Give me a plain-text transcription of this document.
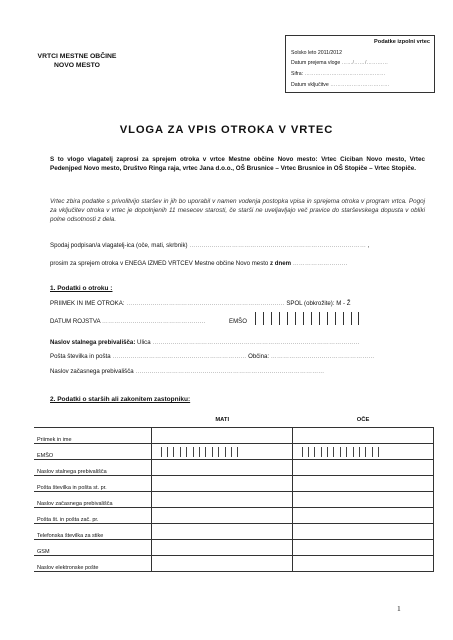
VRTCI MESTNE OBČINE
NOVO MESTO
Podatke izpolni vrtec
Šolsko leto 2011/2012
Datum prejema vloge ……/……/…………
Šifra: ………………………………………
Datum vključitve ……………………………
VLOGA ZA VPIS OTROKA V VRTEC
S to vlogo vlagatelj zaprosi za sprejem otroka v vrtce Mestne občine Novo mesto: Vrtec Ciciban Novo mesto, Vrtec Pedenjped Novo mesto, Društvo Ringa raja, vrtec Jana d.o.o., OŠ Brusnice – Vrtec Brusnice in OŠ Stopiče – Vrtec Stopiče.
Vrtec zbira podatke s privolitvijo staršev in jih bo uporabil v namen vodenja postopka vpisa in sprejema otroka v program vrtca. Pogoj za vključitev otroka v vrtec je dopolnjenih 11 mesecev starosti, če starši ne uveljavljajo več pravice do starševskega dopusta v obliki polne odsotnosti z dela.
Spodaj podpisan/a vlagatelj-ica (oče, mati, skrbnik) …………………………………………………………………………… ,
prosim za sprejem otroka v ENEGA IZMED VRTCEV Mestne občine Novo mesto z dnem ………………………
1. Podatki o otroku :
PRIIMEK IN IME OTROKA: …………………………………………………………………… SPOL (obkrožite): M - Ž
DATUM ROJSTVA ……………………………………………	EMŠO
Naslov stalnega prebivališča: Ulica …………………………………………………………………………………………
Pošta številka in pošta ………………………………………………………… Občina: ……………………………………………
Naslov začasnega prebivališča …………………………………………………………………………………
2. Podatki o starših ali zakonitem zastopniku:
	MATI	OČE
Priimek in ime		
EMŠO	

Naslov stalnega prebivališča		
Pošta številka in pošta st. pr.		
Naslov začasnega prebivališča		
Pošta št. in pošta zač. pr.		
Telefonska številka za stike		
GSM		
Naslov elektronske pošte		
1
